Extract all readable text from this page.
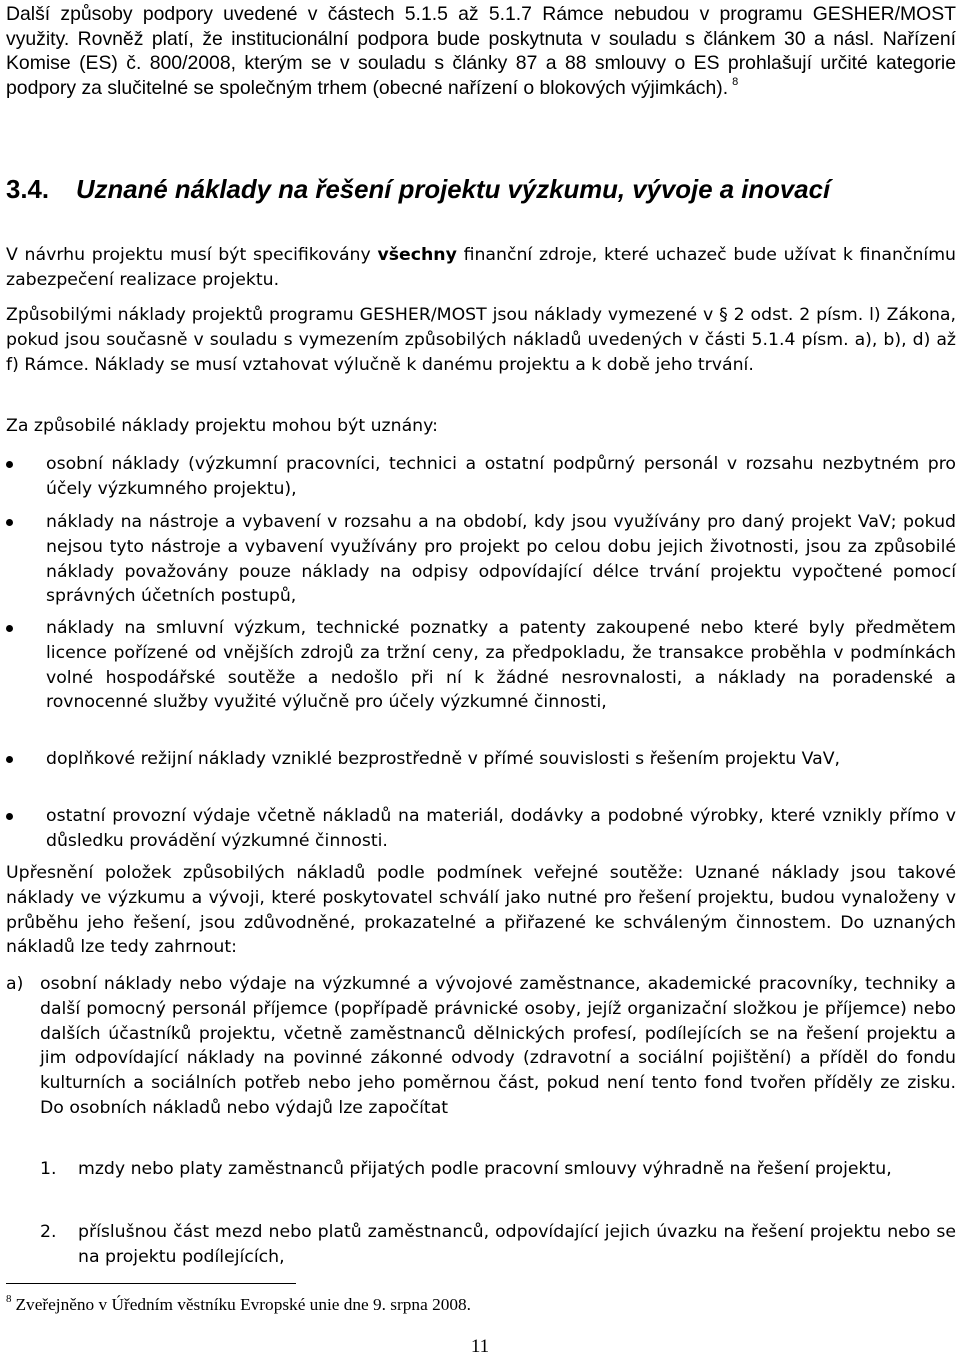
Další způsoby podpory uvedené v částech 5.1.5 až 5.1.7 Rámce nebudou v programu GESHER/MOST využity. Rovněž platí, že institucionální podpora bude poskytnuta v souladu s článkem 30 a násl. Nařízení Komise (ES) č. 800/2008, kterým se v souladu s články 87 a 88 smlouvy o ES prohlašují určité kategorie podpory za slučitelné se společným trhem (obecné nařízení o blokových výjimkách). $^8$

3.4. Uznané náklady na řešení projektu výzkumu, vývoje a inovací

V návrhu projektu musí být specifikovány všechny finanční zdroje, které uchazeč bude užívat k finančnímu zabezpečení realizace projektu.

Způsobilými náklady projektů programu GESHER/MOST jsou náklady vymezené v § 2 odst. 2 písm. l) Zákona, pokud jsou současně v souladu s vymezením způsobilých nákladů uvedených v části 5.1.4 písm. a), b), d) až f) Rámce. Náklady se musí vztahovat výlučně k danému projektu a k době jeho trvání.

Za způsobilé náklady projektu mohou být uznány:

osobní náklady (výzkumní pracovníci, technici a ostatní podpůrný personál v rozsahu nezbytném pro účely výzkumného projektu),
náklady na nástroje a vybavení v rozsahu a na období, kdy jsou využívány pro daný projekt VaV; pokud nejsou tyto nástroje a vybavení využívány pro projekt po celou dobu jejich životnosti, jsou za způsobilé náklady považovány pouze náklady na odpisy odpovídající délce trvání projektu vypočtené pomocí správných účetních postupů,
náklady na smluvní výzkum, technické poznatky a patenty zakoupené nebo které byly předmětem licence pořízené od vnějších zdrojů za tržní ceny, za předpokladu, že transakce proběhla v podmínkách volné hospodářské soutěže a nedošlo při ní k žádné nesrovnalosti, a náklady na poradenské a rovnocenné služby využité výlučně pro účely výzkumné činnosti,
doplňkové režijní náklady vzniklé bezprostředně v přímé souvislosti s řešením projektu VaV,
ostatní provozní výdaje včetně nákladů na materiál, dodávky a podobné výrobky, které vznikly přímo v důsledku provádění výzkumné činnosti.

Upřesnění položek způsobilých nákladů podle podmínek veřejné soutěže: Uznané náklady jsou takové náklady ve výzkumu a vývoji, které poskytovatel schválí jako nutné pro řešení projektu, budou vynaloženy v průběhu jeho řešení, jsou zdůvodněné, prokazatelné a přiřazené ke schváleným činnostem. Do uznaných nákladů lze tedy zahrnout:

a) osobní náklady nebo výdaje na výzkumné a vývojové zaměstnance, akademické pracovníky, techniky a další pomocný personál příjemce (popřípadě právnické osoby, jejíž organizační složkou je příjemce) nebo dalších účastníků projektu, včetně zaměstnanců dělnických profesí, podílejících se na řešení projektu a jim odpovídající náklady na povinné zákonné odvody (zdravotní a sociální pojištění) a příděl do fondu kulturních a sociálních potřeb nebo jeho poměrnou část, pokud není tento fond tvořen příděly ze zisku. Do osobních nákladů nebo výdajů lze započítat
1. mzdy nebo platy zaměstnanců přijatých podle pracovní smlouvy výhradně na řešení projektu,
2. příslušnou část mezd nebo platů zaměstnanců, odpovídající jejich úvazku na řešení projektu nebo se na projektu podílejících,
$^8$ Zveřejněno v Úředním věstníku Evropské unie dne 9. srpna 2008.
11
